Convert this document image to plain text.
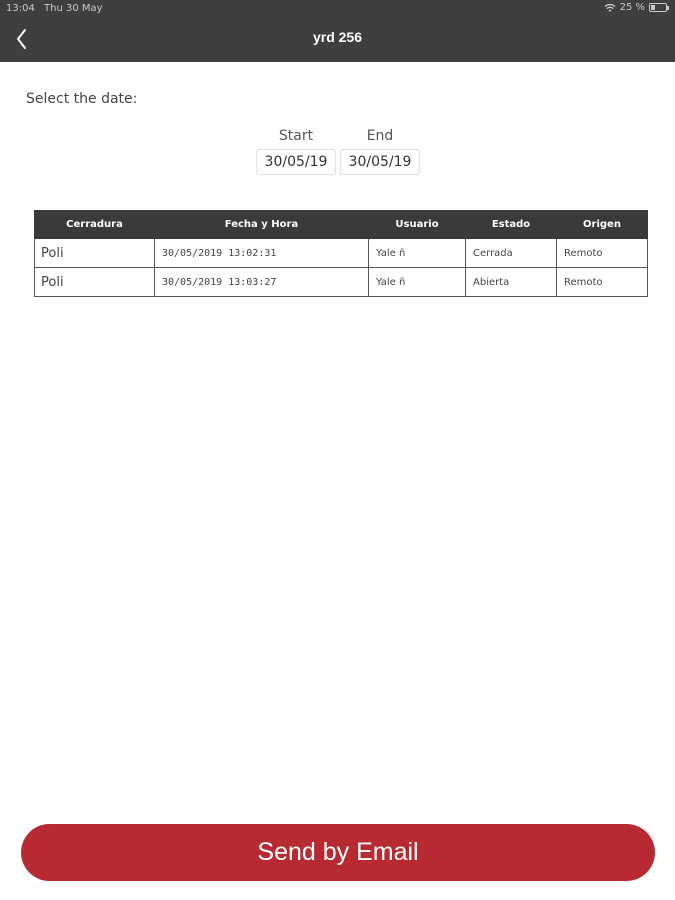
13:04 Thu 30 May	25 %
yrd 256
Select the date:
Start	End
30/05/19
30/05/19
Cerradura	Fecha y Hora	Usuario	Estado	Origen
Poli	30/05/2019 13:02:31	Yale ñ	Cerrada	Remoto
Poli	30/05/2019 13:03:27	Yale ñ	Abierta	Remoto
Send by Email
